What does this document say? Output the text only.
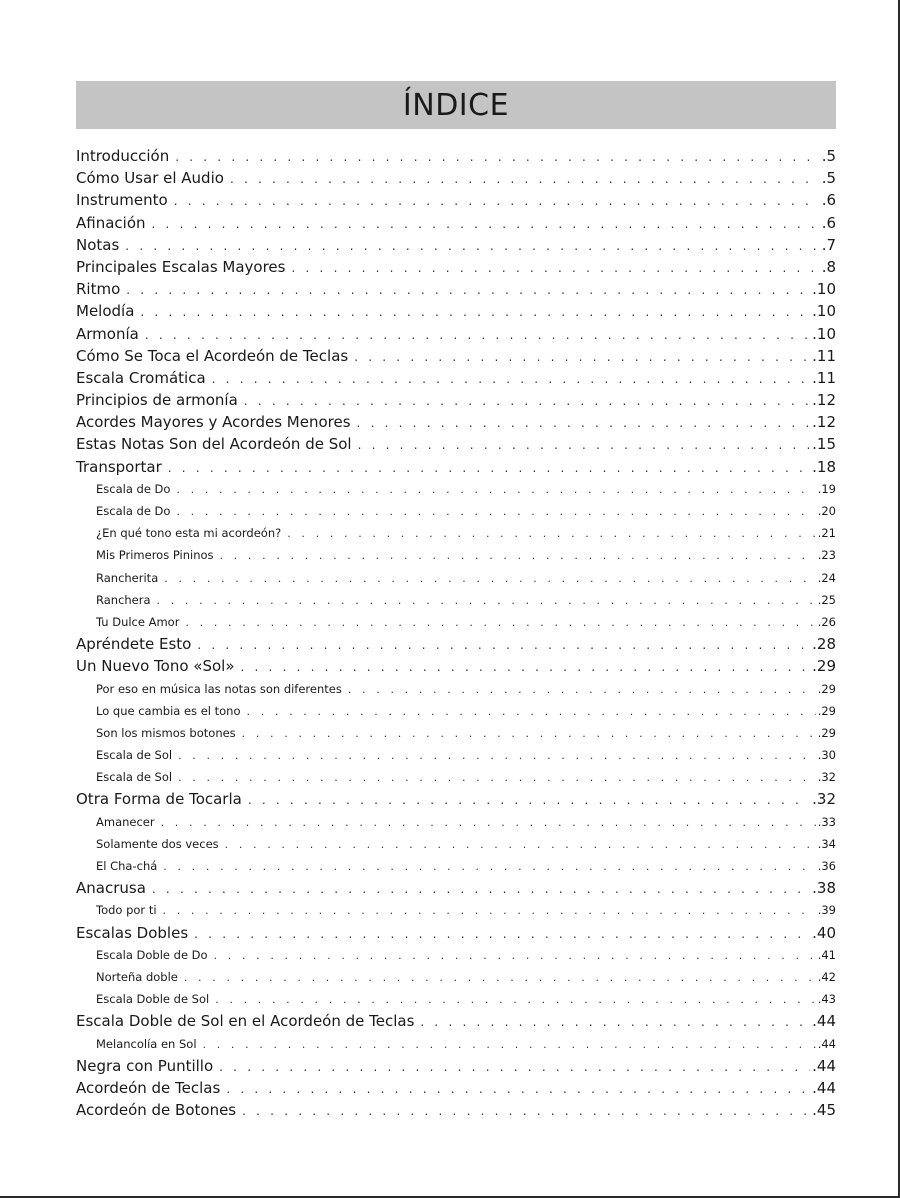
ÍNDICE
Introducción . . .	.5
Cómo Usar el Audio . . .	.5
Instrumento . . .	.6
Afinación . . .	.6
Notas . . .	.7
Principales Escalas Mayores . . .	.8
Ritmo . . .	.10
Melodía . . .	.10
Armonía . . .	.10
Cómo Se Toca el Acordeón de Teclas . . .	.11
Escala Cromática . . .	.11
Principios de armonía . . .	.12
Acordes Mayores y Acordes Menores . . .	.12
Estas Notas Son del Acordeón de Sol . . .	.15
Transportar . . .	.18
Escala de Do . . .	.19
Escala de Do . . .	.20
¿En qué tono esta mi acordeón? . . .	.21
Mis Primeros Pininos . . .	.23
Rancherita . . .	.24
Ranchera . . .	.25
Tu Dulce Amor . . .	.26
Apréndete Esto . . .	.28
Un Nuevo Tono «Sol» . . .	.29
Por eso en música las notas son diferentes . . .	.29
Lo que cambia es el tono . . .	.29
Son los mismos botones . . .	.29
Escala de Sol . . .	.30
Escala de Sol . . .	.32
Otra Forma de Tocarla . . .	.32
Amanecer . . .	.33
Solamente dos veces . . .	.34
El Cha-chá . . .	.36
Anacrusa . . .	.38
Todo por ti . . .	.39
Escalas Dobles . . .	.40
Escala Doble de Do . . .	.41
Norteña doble . . .	.42
Escala Doble de Sol . . .	.43
Escala Doble de Sol en el Acordeón de Teclas . . .	.44
Melancolía en Sol . . .	.44
Negra con Puntillo . . .	.44
Acordeón de Teclas . . .	.44
Acordeón de Botones . . .	.45
